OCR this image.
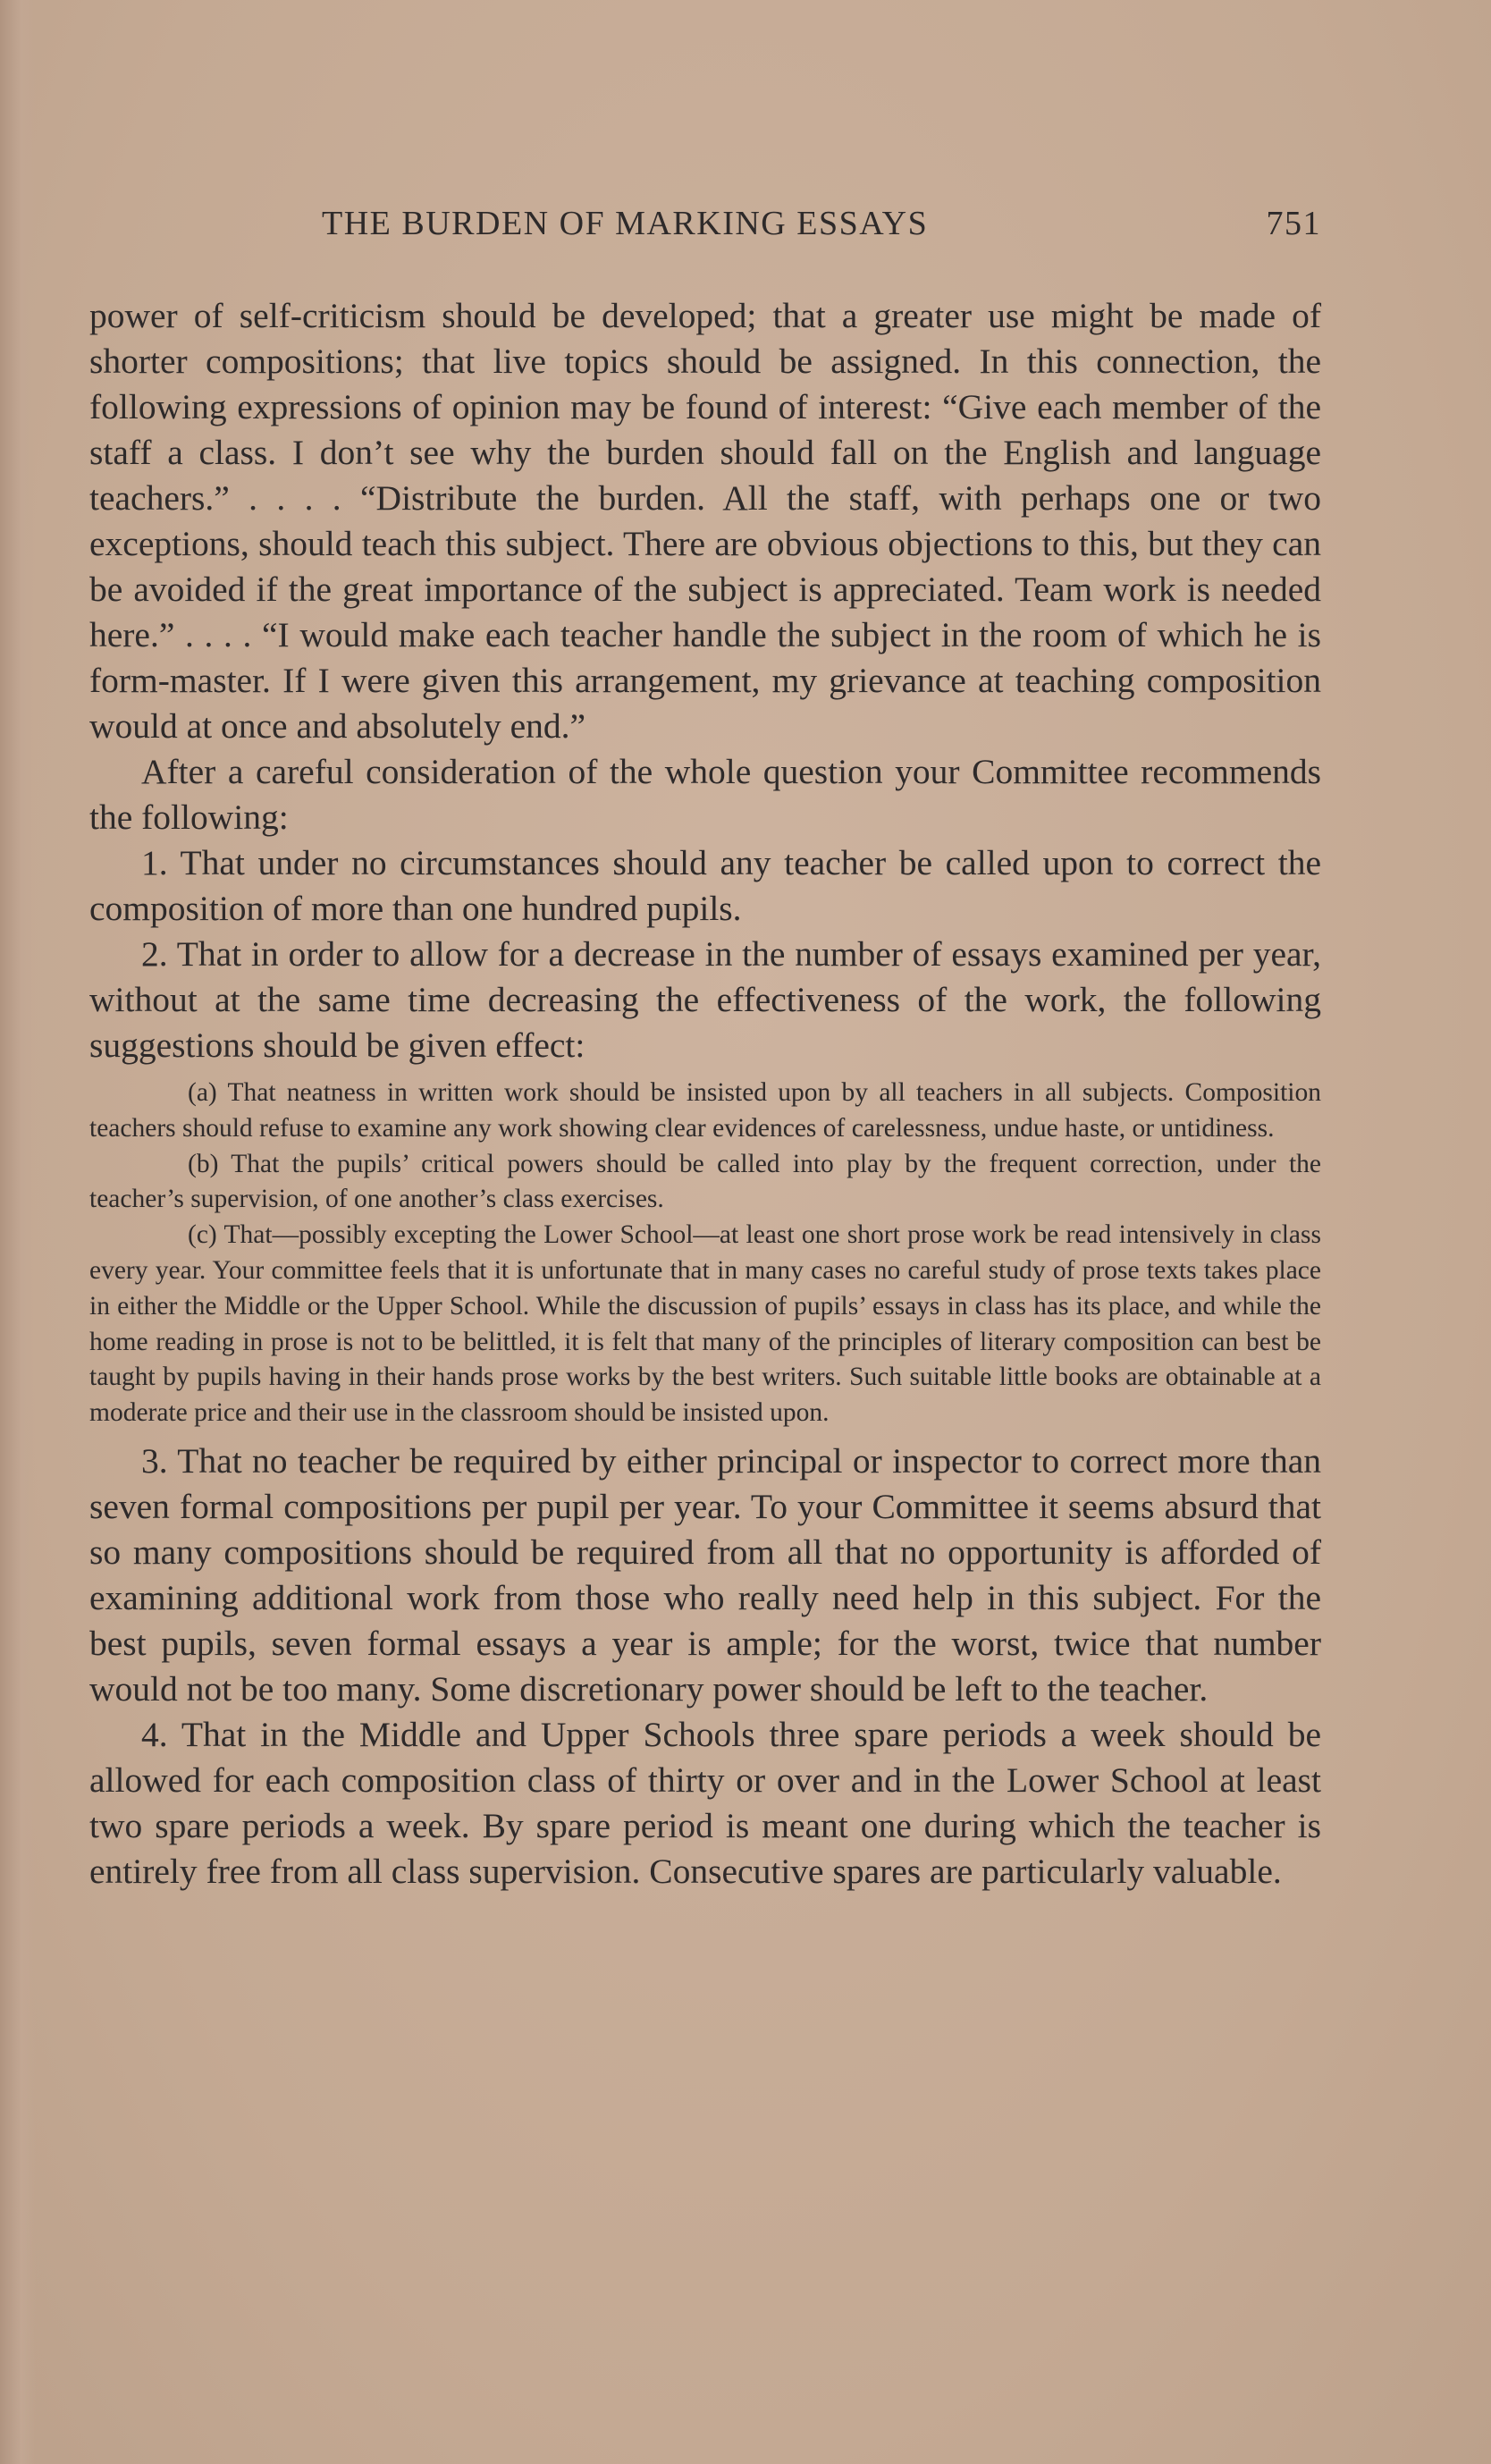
THE BURDEN OF MARKING ESSAYS	751

power of self-criticism should be developed; that a greater use might be made of shorter compositions; that live topics should be assigned. In this connection, the following expressions of opinion may be found of interest: “Give each member of the staff a class. I don’t see why the burden should fall on the English and language teachers.” . . . . “Distribute the burden. All the staff, with perhaps one or two exceptions, should teach this subject. There are obvious objections to this, but they can be avoided if the great importance of the subject is appreciated. Team work is needed here.” . . . . “I would make each teacher handle the subject in the room of which he is form-master. If I were given this arrangement, my grievance at teaching composition would at once and absolutely end.”

After a careful consideration of the whole question your Committee recommends the following:

1. That under no circumstances should any teacher be called upon to correct the composition of more than one hundred pupils.

2. That in order to allow for a decrease in the number of essays examined per year, without at the same time decreasing the effectiveness of the work, the following suggestions should be given effect:

(a) That neatness in written work should be insisted upon by all teachers in all subjects. Composition teachers should refuse to examine any work showing clear evidences of carelessness, undue haste, or untidiness.

(b) That the pupils’ critical powers should be called into play by the frequent correction, under the teacher’s supervision, of one another’s class exercises.

(c) That—possibly excepting the Lower School—at least one short prose work be read intensively in class every year. Your committee feels that it is unfortunate that in many cases no careful study of prose texts takes place in either the Middle or the Upper School. While the discussion of pupils’ essays in class has its place, and while the home reading in prose is not to be belittled, it is felt that many of the principles of literary composition can best be taught by pupils having in their hands prose works by the best writers. Such suitable little books are obtainable at a moderate price and their use in the classroom should be insisted upon.

3. That no teacher be required by either principal or inspector to correct more than seven formal compositions per pupil per year. To your Committee it seems absurd that so many compositions should be required from all that no opportunity is afforded of examining additional work from those who really need help in this subject. For the best pupils, seven formal essays a year is ample; for the worst, twice that number would not be too many. Some discretionary power should be left to the teacher.

4. That in the Middle and Upper Schools three spare periods a week should be allowed for each composition class of thirty or over and in the Lower School at least two spare periods a week. By spare period is meant one during which the teacher is entirely free from all class supervision. Consecutive spares are particularly valuable.
